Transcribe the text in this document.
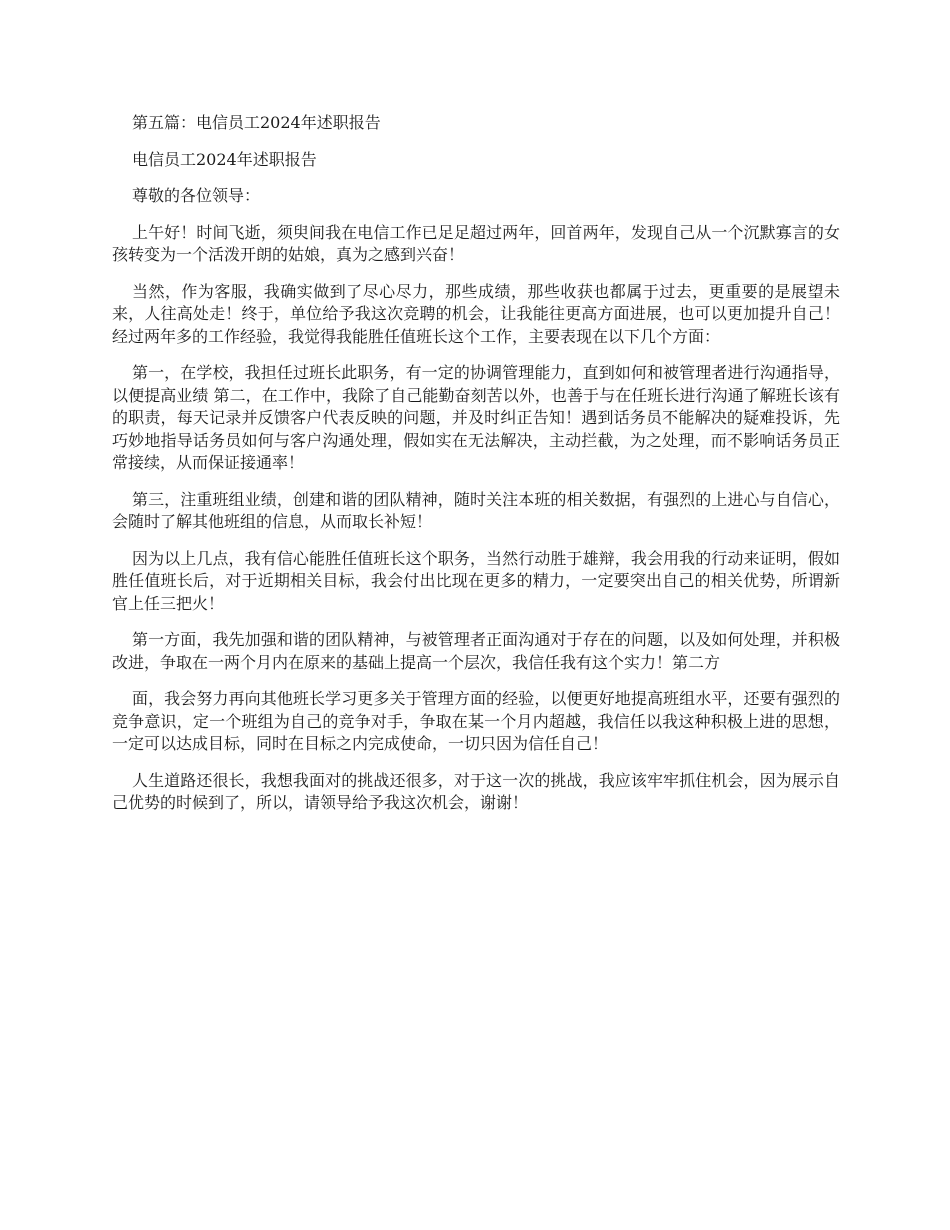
第五篇：电信员工2024年述职报告

电信员工2024年述职报告

尊敬的各位领导：

上午好！时间飞逝，须臾间我在电信工作已足足超过两年，回首两年，发现自己从一个沉默寡言的女孩转变为一个活泼开朗的姑娘，真为之感到兴奋！

当然，作为客服，我确实做到了尽心尽力，那些成绩，那些收获也都属于过去，更重要的是展望未来，人往高处走！终于，单位给予我这次竞聘的机会，让我能往更高方面进展，也可以更加提升自己！经过两年多的工作经验，我觉得我能胜任值班长这个工作，主要表现在以下几个方面：

第一，在学校，我担任过班长此职务，有一定的协调管理能力，直到如何和被管理者进行沟通指导，以便提高业绩 第二，在工作中，我除了自己能勤奋刻苦以外，也善于与在任班长进行沟通了解班长该有的职责，每天记录并反馈客户代表反映的问题，并及时纠正告知！遇到话务员不能解决的疑难投诉，先巧妙地指导话务员如何与客户沟通处理，假如实在无法解决，主动拦截，为之处理，而不影响话务员正常接续，从而保证接通率！

第三，注重班组业绩，创建和谐的团队精神，随时关注本班的相关数据，有强烈的上进心与自信心，会随时了解其他班组的信息，从而取长补短！

因为以上几点，我有信心能胜任值班长这个职务，当然行动胜于雄辩，我会用我的行动来证明，假如胜任值班长后，对于近期相关目标，我会付出比现在更多的精力，一定要突出自己的相关优势，所谓新官上任三把火！

第一方面，我先加强和谐的团队精神，与被管理者正面沟通对于存在的问题，以及如何处理，并积极改进，争取在一两个月内在原来的基础上提高一个层次，我信任我有这个实力！第二方

面，我会努力再向其他班长学习更多关于管理方面的经验，以便更好地提高班组水平，还要有强烈的竞争意识，定一个班组为自己的竞争对手，争取在某一个月内超越，我信任以我这种积极上进的思想，一定可以达成目标，同时在目标之内完成使命，一切只因为信任自己！

人生道路还很长，我想我面对的挑战还很多，对于这一次的挑战，我应该牢牢抓住机会，因为展示自己优势的时候到了，所以，请领导给予我这次机会，谢谢！
